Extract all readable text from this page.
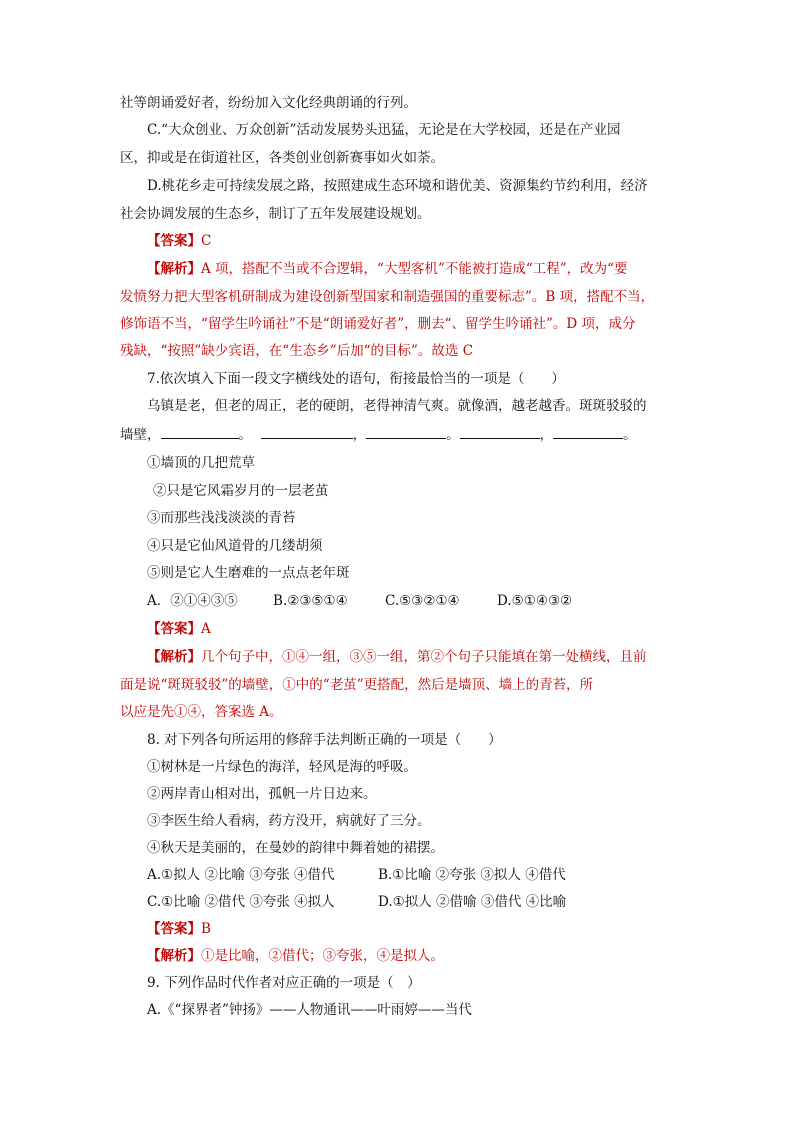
社等朗诵爱好者，纷纷加入文化经典朗诵的行列。
C.“大众创业、万众创新”活动发展势头迅猛，无论是在大学校园，还是在产业园
区，抑或是在街道社区，各类创业创新赛事如火如荼。
D.桃花乡走可持续发展之路，按照建成生态环境和谐优美、资源集约节约利用，经济
社会协调发展的生态乡，制订了五年发展建设规划。
【答案】C
【解析】A 项，搭配不当或不合逻辑，“大型客机”不能被打造成“工程”，改为“要
发愤努力把大型客机研制成为建设创新型国家和制造强国的重要标志”。B 项，搭配不当，
修饰语不当，“留学生吟诵社”不是“朗诵爱好者”，删去“、留学生吟诵社”。D 项，成分
残缺，“按照”缺少宾语，在“生态乡”后加“的目标”。故选 C
7.依次填入下面一段文字横线处的语句，衔接最恰当的一项是（　　）
乌镇是老，但老的周正，老的硬朗，老得神清气爽。就像酒，越老越香。斑斑驳驳的
墙壁，	。	，	。	，	。
①墙顶的几把荒草
②只是它风霜岁月的一层老茧
③而那些浅浅淡淡的青苔
④只是它仙风道骨的几缕胡须
⑤则是它人生磨难的一点点老年斑
A．②①④③⑤	B.②③⑤①④	C.⑤③②①④	D.⑤①④③②
【答案】A
【解析】几个句子中，①④一组，③⑤一组，第②个句子只能填在第一处横线，且前
面是说“斑斑驳驳”的墙壁，①中的“老茧”更搭配，然后是墙顶、墙上的青苔，所
以应是先①④，答案选 A。
8. 对下列各句所运用的修辞手法判断正确的一项是（　　）
①树林是一片绿色的海洋，轻风是海的呼吸。
②两岸青山相对出，孤帆一片日边来。
③李医生给人看病，药方没开，病就好了三分。
④秋天是美丽的，在曼妙的韵律中舞着她的裙摆。
A.①拟人 ②比喻 ③夸张 ④借代	B.①比喻 ②夸张 ③拟人 ④借代
C.①比喻 ②借代 ③夸张 ④拟人	D.①拟人 ②借喻 ③借代 ④比喻
【答案】B
【解析】①是比喻，②借代；③夸张，④是拟人。
9. 下列作品时代作者对应正确的一项是（　）
A.《“探界者”钟扬》——人物通讯——叶雨婷——当代
